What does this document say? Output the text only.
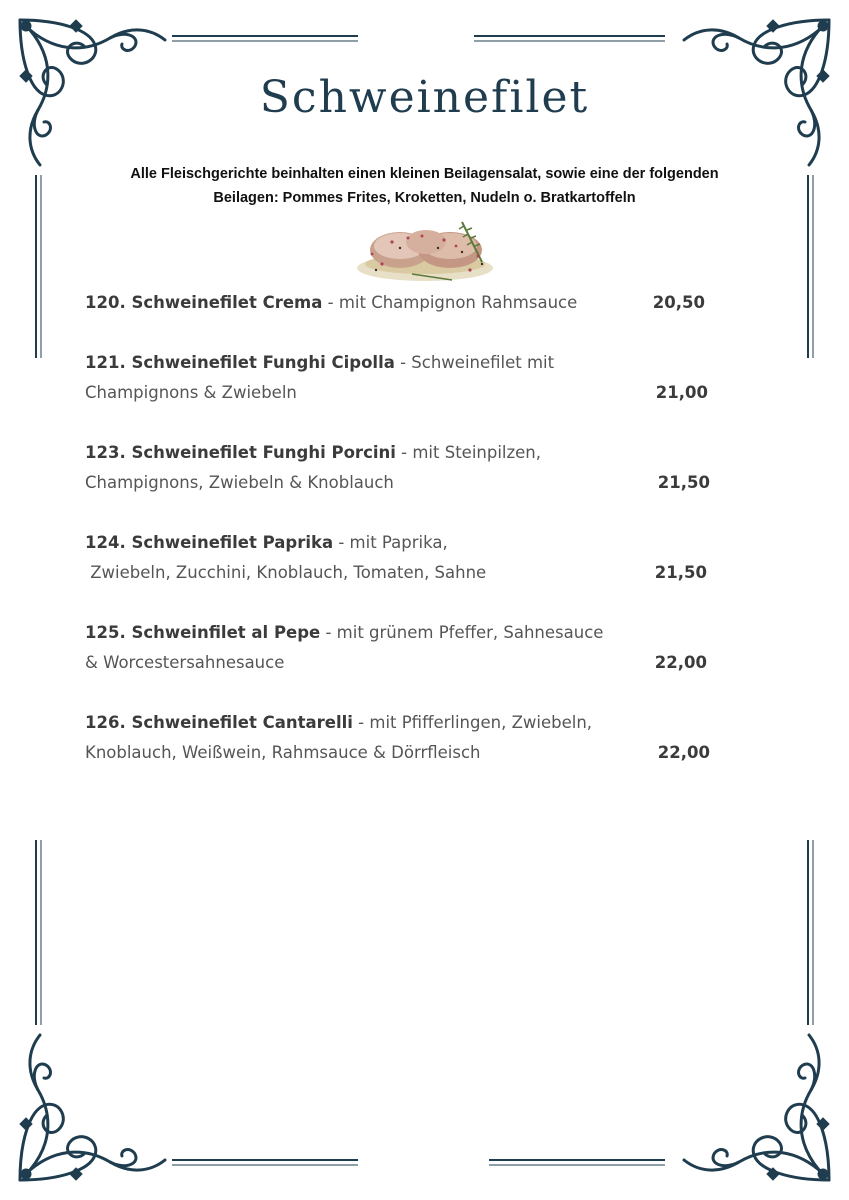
Schweinefilet
Alle Fleischgerichte beinhalten einen kleinen Beilagensalat, sowie eine der folgenden
Beilagen: Pommes Frites, Kroketten, Nudeln o. Bratkartoffeln
120. Schweinefilet Crema - mit Champignon Rahmsauce	20,50
121. Schweinefilet Funghi Cipolla - Schweinefilet mit
Champignons & Zwiebeln	21,00
123. Schweinefilet Funghi Porcini - mit Steinpilzen,
Champignons, Zwiebeln & Knoblauch	21,50
124. Schweinefilet Paprika - mit Paprika,
Zwiebeln, Zucchini, Knoblauch, Tomaten, Sahne	21,50
125. Schweinfilet al Pepe - mit grünem Pfeffer, Sahnesauce
& Worcestersahnesauce	22,00
126. Schweinefilet Cantarelli - mit Pfifferlingen, Zwiebeln,
Knoblauch, Weißwein, Rahmsauce & Dörrfleisch	22,00
